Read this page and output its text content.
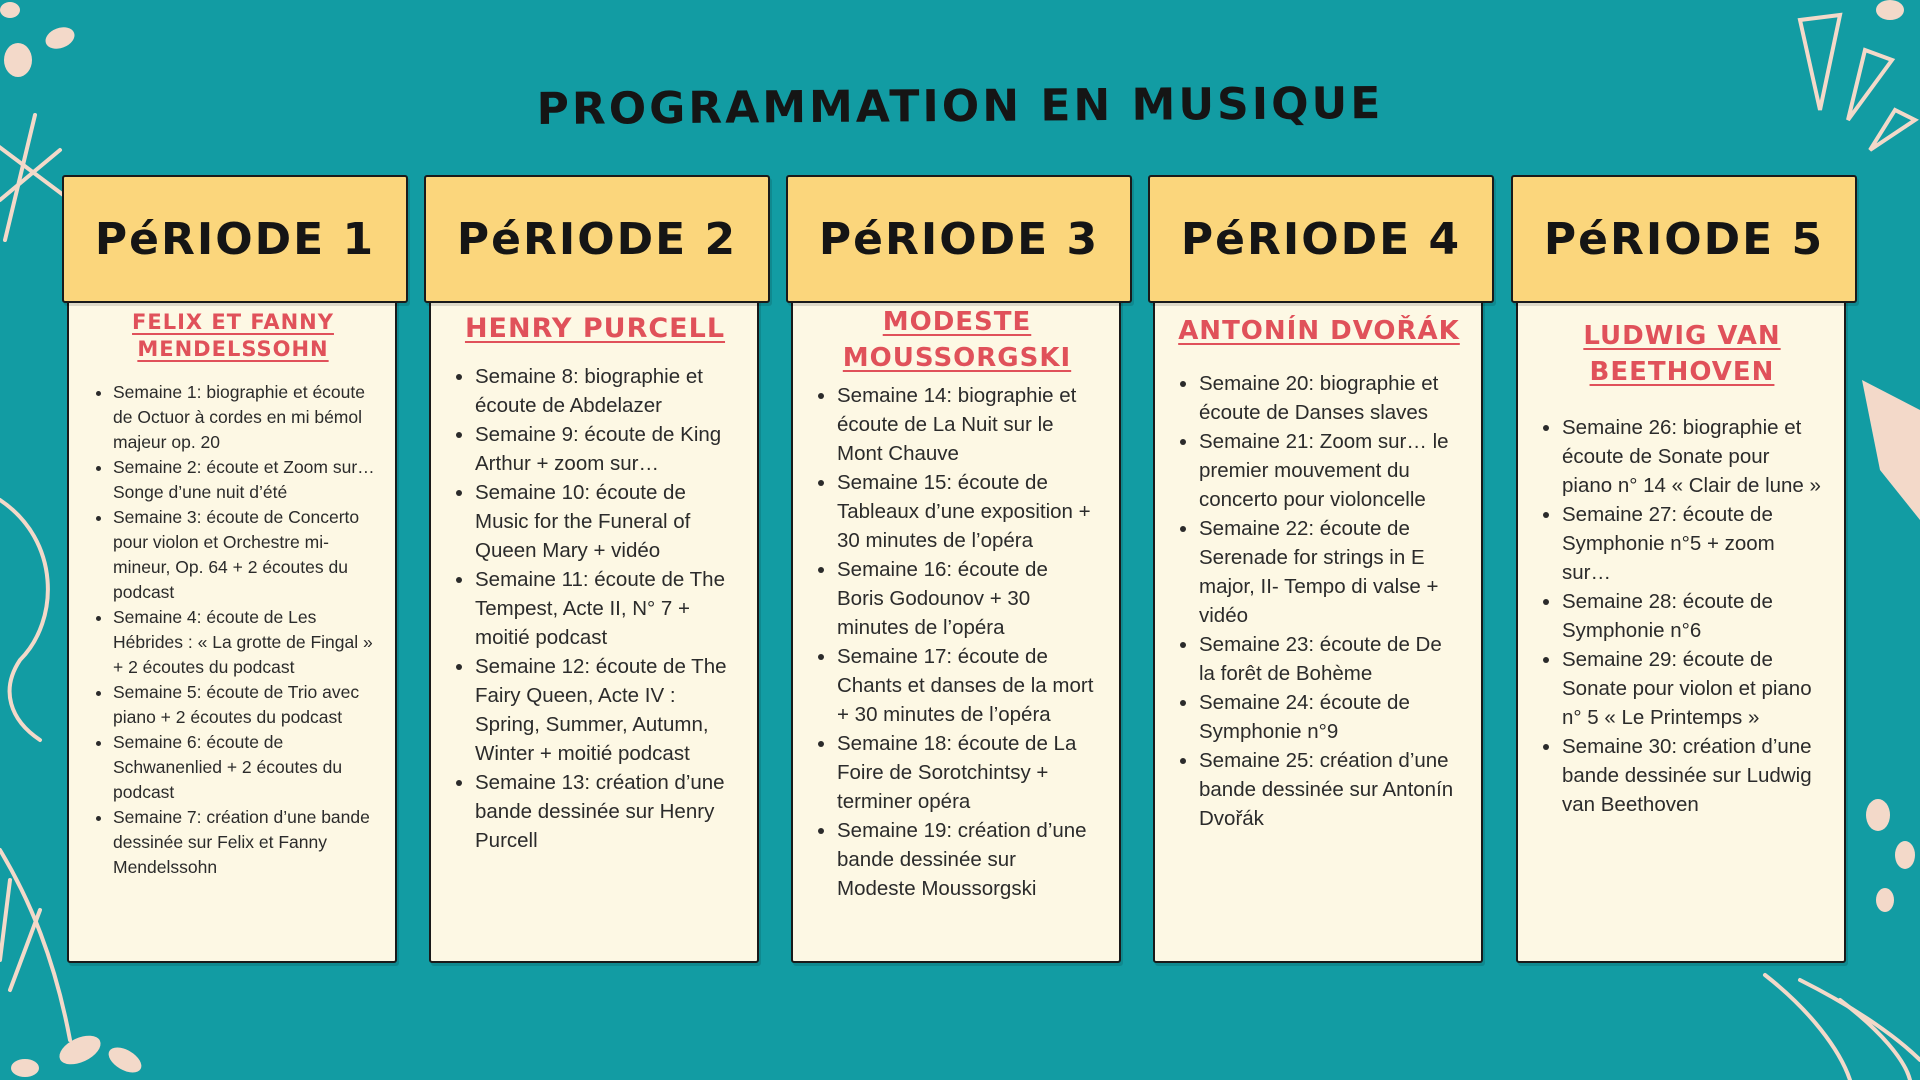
PROGRAMMATION EN MUSIQUE
FELIX ET FANNY MENDELSSOHN
• Semaine 1: biographie et écoute de Octuor à cordes en mi bémol majeur op. 20
• Semaine 2: écoute et Zoom sur… Songe d’une nuit d’été
• Semaine 3: écoute de Concerto pour violon et Orchestre mi-mineur, Op. 64 + 2 écoutes du podcast
• Semaine 4: écoute de Les Hébrides : « La grotte de Fingal » + 2 écoutes du podcast
• Semaine 5: écoute de Trio avec piano + 2 écoutes du podcast
• Semaine 6: écoute de Schwanenlied + 2 écoutes du podcast
• Semaine 7: création d’une bande dessinée sur Felix et Fanny Mendelssohn
PéRIODE 1
HENRY PURCELL
• Semaine 8: biographie et écoute de Abdelazer
• Semaine 9: écoute de King Arthur + zoom sur…
• Semaine 10: écoute de Music for the Funeral of Queen Mary + vidéo
• Semaine 11: écoute de The Tempest, Acte II, N° 7 + moitié podcast
• Semaine 12: écoute de The Fairy Queen, Acte IV : Spring, Summer, Autumn, Winter + moitié podcast
• Semaine 13: création d’une bande dessinée sur Henry Purcell
PéRIODE 2
MODESTE MOUSSORGSKI
• Semaine 14: biographie et écoute de La Nuit sur le Mont Chauve
• Semaine 15: écoute de Tableaux d’une exposition + 30 minutes de l’opéra
• Semaine 16: écoute de Boris Godounov + 30 minutes de l’opéra
• Semaine 17: écoute de Chants et danses de la mort + 30 minutes de l’opéra
• Semaine 18: écoute de La Foire de Sorotchintsy + terminer opéra
• Semaine 19: création d’une bande dessinée sur Modeste Moussorgski
PéRIODE 3
ANTONÍN DVOŘÁK
• Semaine 20: biographie et écoute de Danses slaves
• Semaine 21: Zoom sur… le premier mouvement du concerto pour violoncelle
• Semaine 22: écoute de Serenade for strings in E major, II- Tempo di valse + vidéo
• Semaine 23: écoute de De la forêt de Bohème
• Semaine 24: écoute de Symphonie n°9
• Semaine 25: création d’une bande dessinée sur Antonín Dvořák
PéRIODE 4
LUDWIG VAN BEETHOVEN
• Semaine 26: biographie et écoute de Sonate pour piano n° 14 « Clair de lune »
• Semaine 27: écoute de Symphonie n°5 + zoom sur…
• Semaine 28: écoute de Symphonie n°6
• Semaine 29: écoute de Sonate pour violon et piano n° 5 « Le Printemps »
• Semaine 30: création d’une bande dessinée sur Ludwig van Beethoven
PéRIODE 5
